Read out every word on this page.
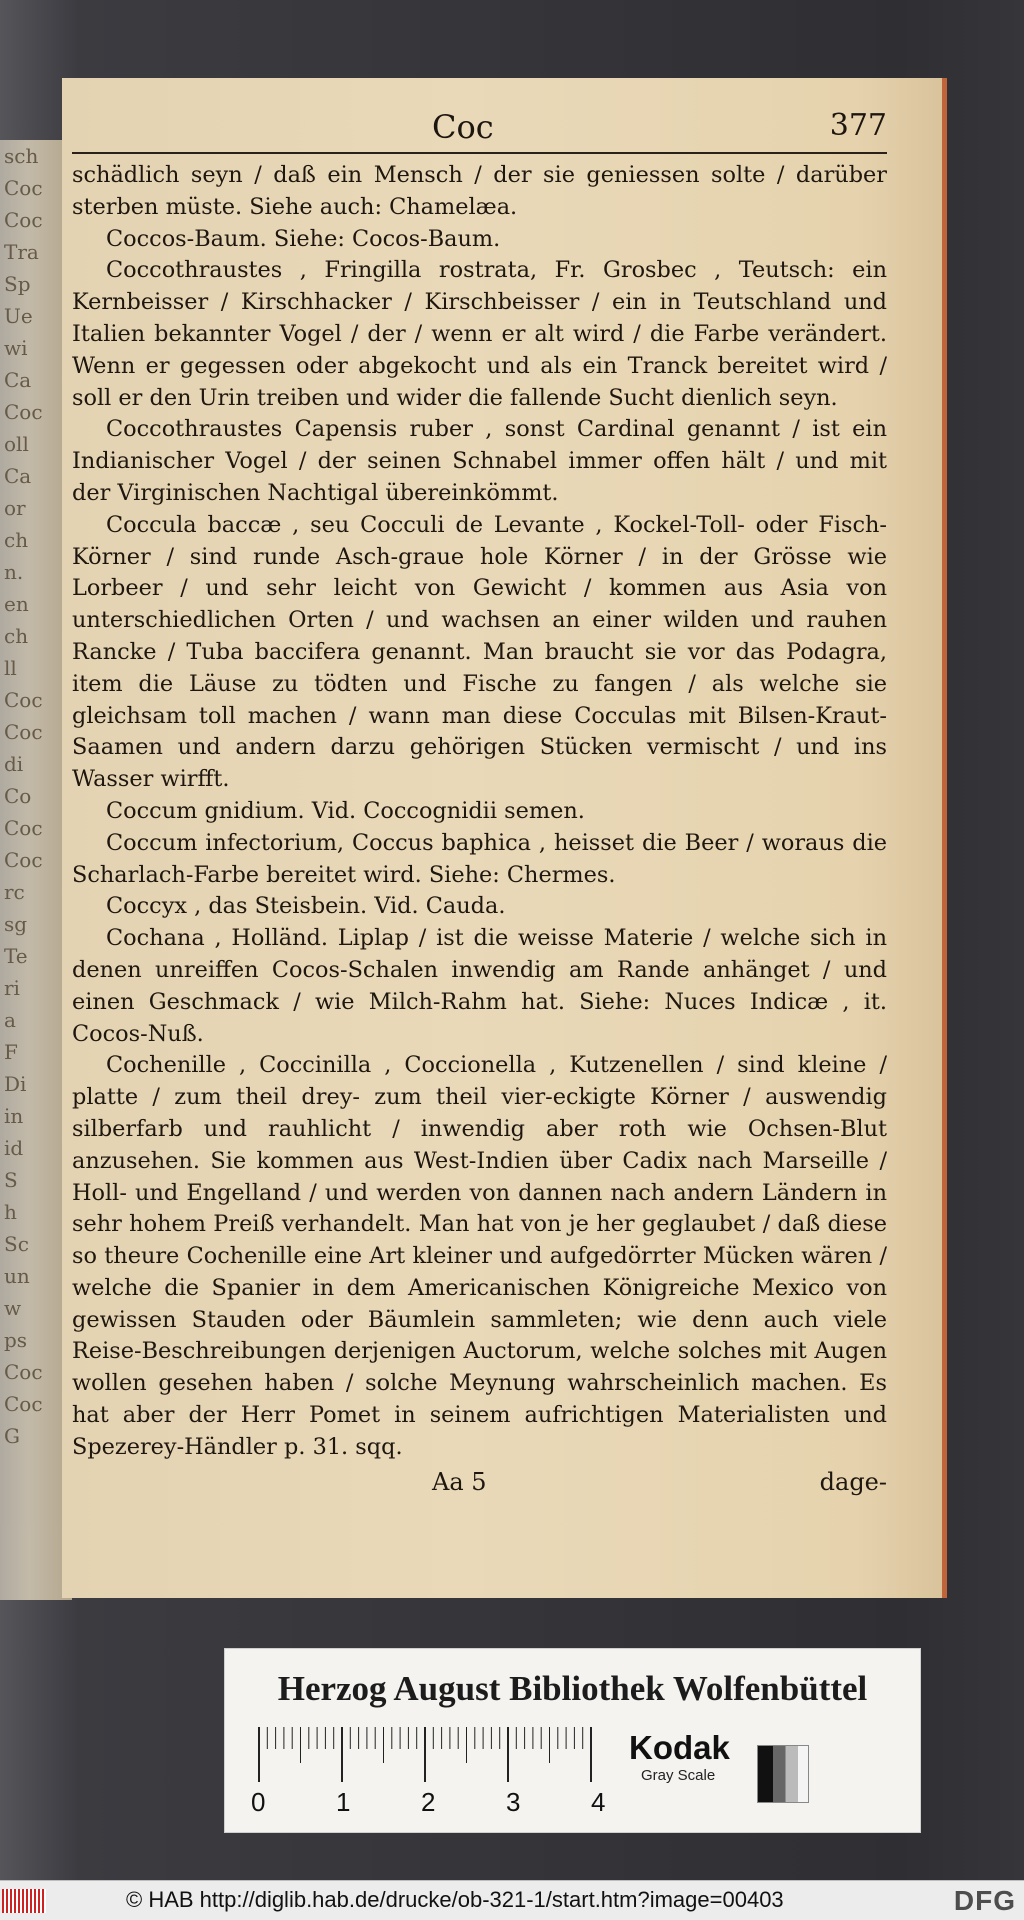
sch
Coc
Coc
Tra
Sp
Ue
wi
Ca
Coc
oll
Ca
or
ch
n.
en
ch
ll
Coc
Coc
di
Co
Coc
Coc
rc
sg
Te
ri
a
F
Di
in
id
S
h
Sc
un
w
ps
Coc
Coc
G
Coc	377

schädlich seyn / daß ein Mensch / der sie geniessen solte / darüber sterben müste. Siehe auch: Chamelæa.

Coccos-Baum. Siehe: Cocos-Baum.

Coccothraustes , Fringilla rostrata, Fr. Grosbec , Teutsch: ein Kernbeisser / Kirschhacker / Kirschbeisser / ein in Teutschland und Italien bekannter Vogel / der / wenn er alt wird / die Farbe verändert. Wenn er gegessen oder abgekocht und als ein Tranck bereitet wird / soll er den Urin treiben und wider die fallende Sucht dienlich seyn.

Coccothraustes Capensis ruber , sonst Cardinal genannt / ist ein Indianischer Vogel / der seinen Schnabel immer offen hält / und mit der Virginischen Nachtigal übereinkömmt.

Coccula baccæ , seu Cocculi de Levante , Kockel-Toll- oder Fisch-Körner / sind runde Asch-graue hole Körner / in der Grösse wie Lorbeer / und sehr leicht von Gewicht / kommen aus Asia von unterschiedlichen Orten / und wachsen an einer wilden und rauhen Rancke / Tuba baccifera genannt. Man braucht sie vor das Podagra, item die Läuse zu tödten und Fische zu fangen / als welche sie gleichsam toll machen / wann man diese Cocculas mit Bilsen-Kraut-Saamen und andern darzu gehörigen Stücken vermischt / und ins Wasser wirfft.

Coccum gnidium. Vid. Coccognidii semen.

Coccum infectorium, Coccus baphica , heisset die Beer / woraus die Scharlach-Farbe bereitet wird. Siehe: Chermes.

Coccyx , das Steisbein. Vid. Cauda.

Cochana , Holländ. Liplap / ist die weisse Materie / welche sich in denen unreiffen Cocos-Schalen inwendig am Rande anhänget / und einen Geschmack / wie Milch-Rahm hat. Siehe: Nuces Indicæ , it. Cocos-Nuß.

Cochenille , Coccinilla , Coccionella , Kutzenellen / sind kleine / platte / zum theil drey- zum theil vier-eckigte Körner / auswendig silberfarb und rauhlicht / inwendig aber roth wie Ochsen-Blut anzusehen. Sie kommen aus West-Indien über Cadix nach Marseille / Holl- und Engelland / und werden von dannen nach andern Ländern in sehr hohem Preiß verhandelt. Man hat von je her geglaubet / daß diese so theure Cochenille eine Art kleiner und aufgedörrter Mücken wären / welche die Spanier in dem Americanischen Königreiche Mexico von gewissen Stauden oder Bäumlein sammleten; wie denn auch viele Reise-Beschreibungen derjenigen Auctorum, welche solches mit Augen wollen gesehen haben / solche Meynung wahrscheinlich machen. Es hat aber der Herr Pomet in seinem aufrichtigen Materialisten und Spezerey-Händler p. 31. sqq.

Aa 5	dage-
Herzog August Bibliothek Wolfenbüttel
0	1	2	3	4
Kodak
Gray Scale
© HAB http://diglib.hab.de/drucke/ob-321-1/start.htm?image=00403	DFG
